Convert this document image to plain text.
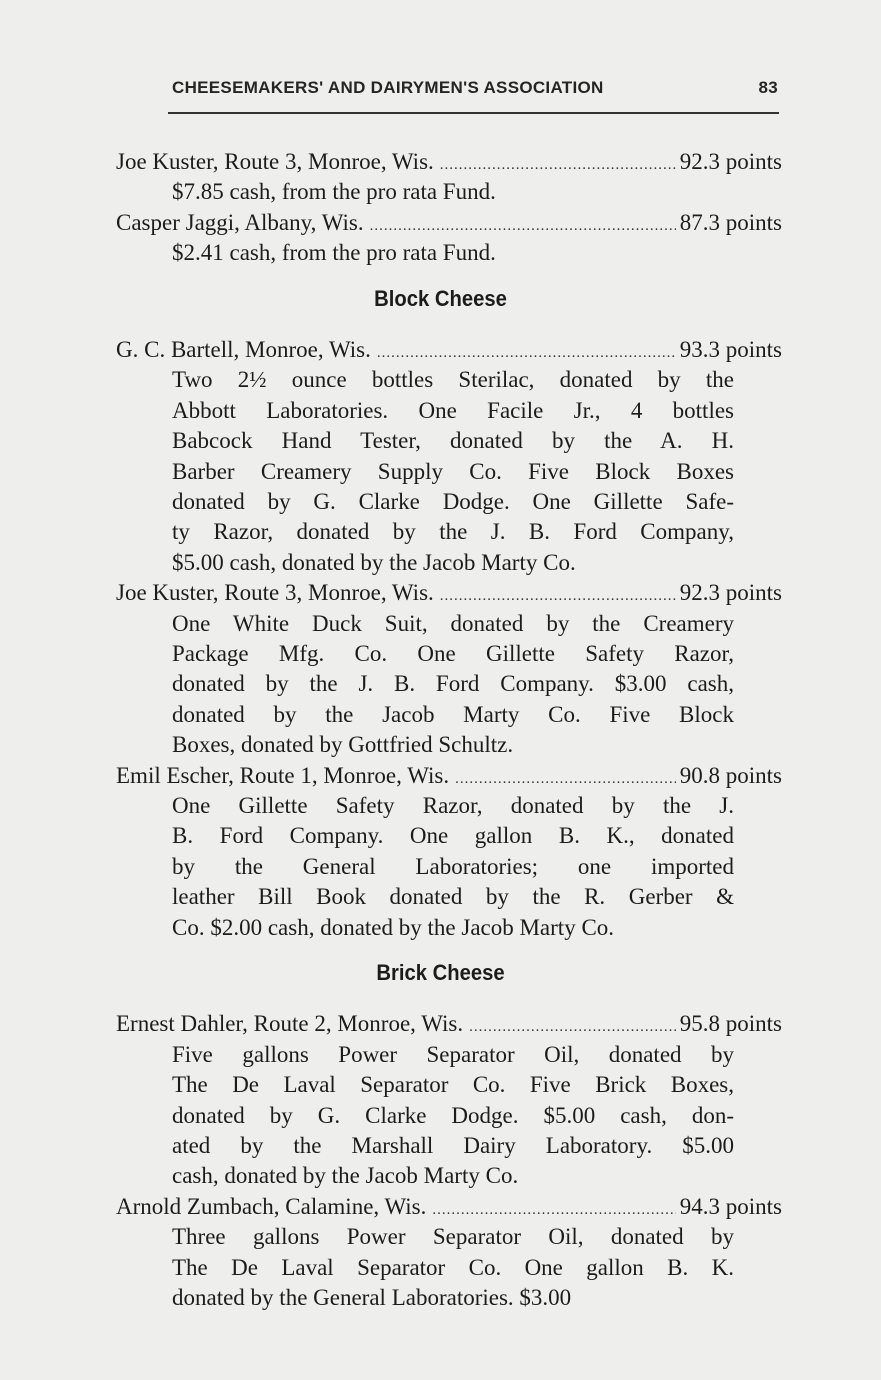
CHEESEMAKERS' AND DAIRYMEN'S ASSOCIATION	83
Joe Kuster, Route 3, Monroe, Wis. .....	92.3 points
$7.85 cash, from the pro rata Fund.
Casper Jaggi, Albany, Wis. .....	87.3 points
$2.41 cash, from the pro rata Fund.
Block Cheese
G. C. Bartell, Monroe, Wis. .....	93.3 points
Two 2½ ounce bottles Sterilac, donated by the
Abbott Laboratories. One Facile Jr., 4 bottles
Babcock Hand Tester, donated by the A. H.
Barber Creamery Supply Co. Five Block Boxes
donated by G. Clarke Dodge. One Gillette Safe-
ty Razor, donated by the J. B. Ford Company,
$5.00 cash, donated by the Jacob Marty Co.
Joe Kuster, Route 3, Monroe, Wis. .....	92.3 points
One White Duck Suit, donated by the Creamery
Package Mfg. Co. One Gillette Safety Razor,
donated by the J. B. Ford Company. $3.00 cash,
donated by the Jacob Marty Co. Five Block
Boxes, donated by Gottfried Schultz.
Emil Escher, Route 1, Monroe, Wis. .....	90.8 points
One Gillette Safety Razor, donated by the J.
B. Ford Company. One gallon B. K., donated
by the General Laboratories; one imported
leather Bill Book donated by the R. Gerber &
Co. $2.00 cash, donated by the Jacob Marty Co.
Brick Cheese
Ernest Dahler, Route 2, Monroe, Wis. .....	95.8 points
Five gallons Power Separator Oil, donated by
The De Laval Separator Co. Five Brick Boxes,
donated by G. Clarke Dodge. $5.00 cash, don-
ated by the Marshall Dairy Laboratory. $5.00
cash, donated by the Jacob Marty Co.
Arnold Zumbach, Calamine, Wis. .....	94.3 points
Three gallons Power Separator Oil, donated by
The De Laval Separator Co. One gallon B. K.
donated by the General Laboratories. $3.00
